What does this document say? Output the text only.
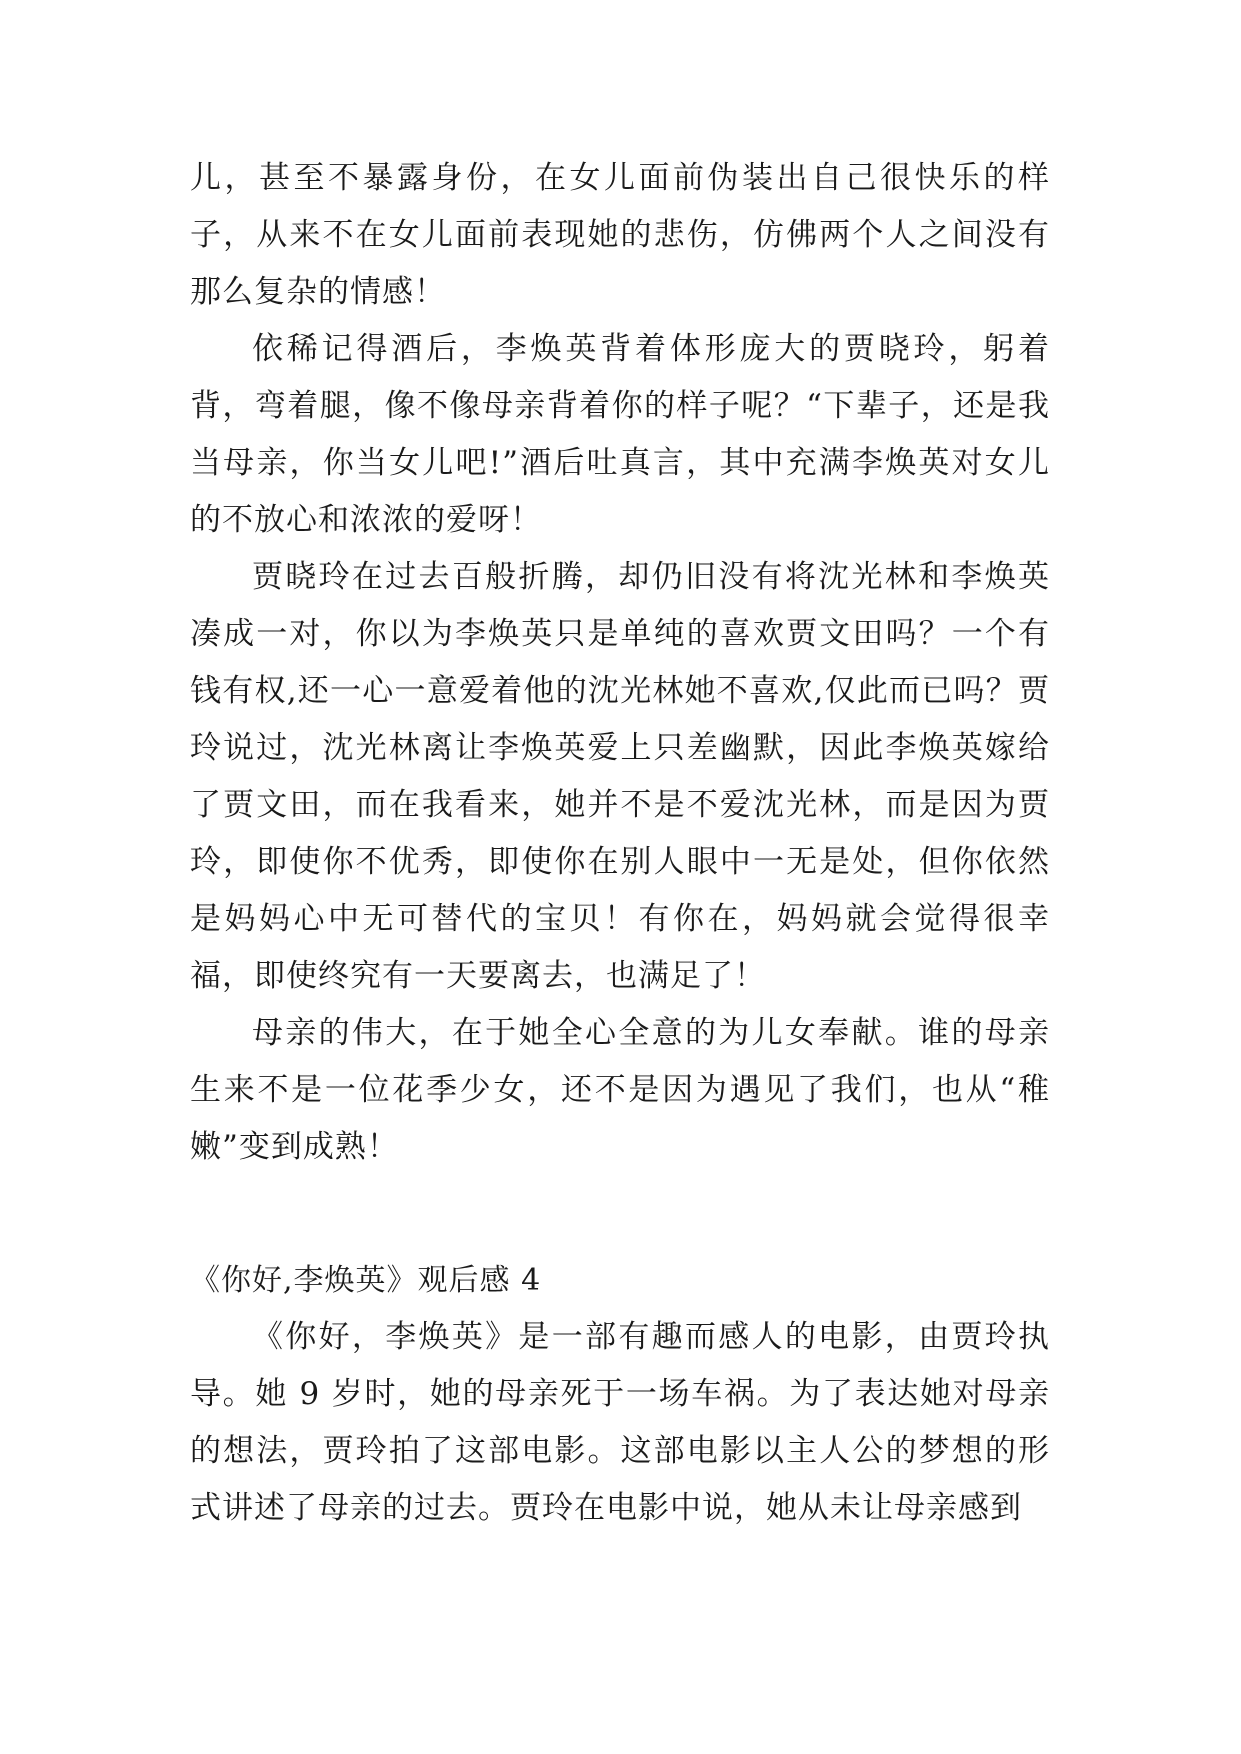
儿，甚至不暴露身份，在女儿面前伪装出自己很快乐的样子，从来不在女儿面前表现她的悲伤，仿佛两个人之间没有那么复杂的情感！

依稀记得酒后，李焕英背着体形庞大的贾晓玲，躬着背，弯着腿，像不像母亲背着你的样子呢？“下辈子，还是我当母亲，你当女儿吧!”酒后吐真言，其中充满李焕英对女儿的不放心和浓浓的爱呀！

贾晓玲在过去百般折腾，却仍旧没有将沈光林和李焕英凑成一对，你以为李焕英只是单纯的喜欢贾文田吗？一个有钱有权,还一心一意爱着他的沈光林她不喜欢,仅此而已吗？贾玲说过，沈光林离让李焕英爱上只差幽默，因此李焕英嫁给了贾文田，而在我看来，她并不是不爱沈光林，而是因为贾玲，即使你不优秀，即使你在别人眼中一无是处，但你依然是妈妈心中无可替代的宝贝！有你在，妈妈就会觉得很幸福，即使终究有一天要离去，也满足了！

母亲的伟大，在于她全心全意的为儿女奉献。谁的母亲生来不是一位花季少女，还不是因为遇见了我们，也从“稚嫩”变到成熟！

《你好,李焕英》观后感 4

《你好，李焕英》是一部有趣而感人的电影，由贾玲执导。她 9 岁时，她的母亲死于一场车祸。为了表达她对母亲的想法，贾玲拍了这部电影。这部电影以主人公的梦想的形式讲述了母亲的过去。贾玲在电影中说，她从未让母亲感到
